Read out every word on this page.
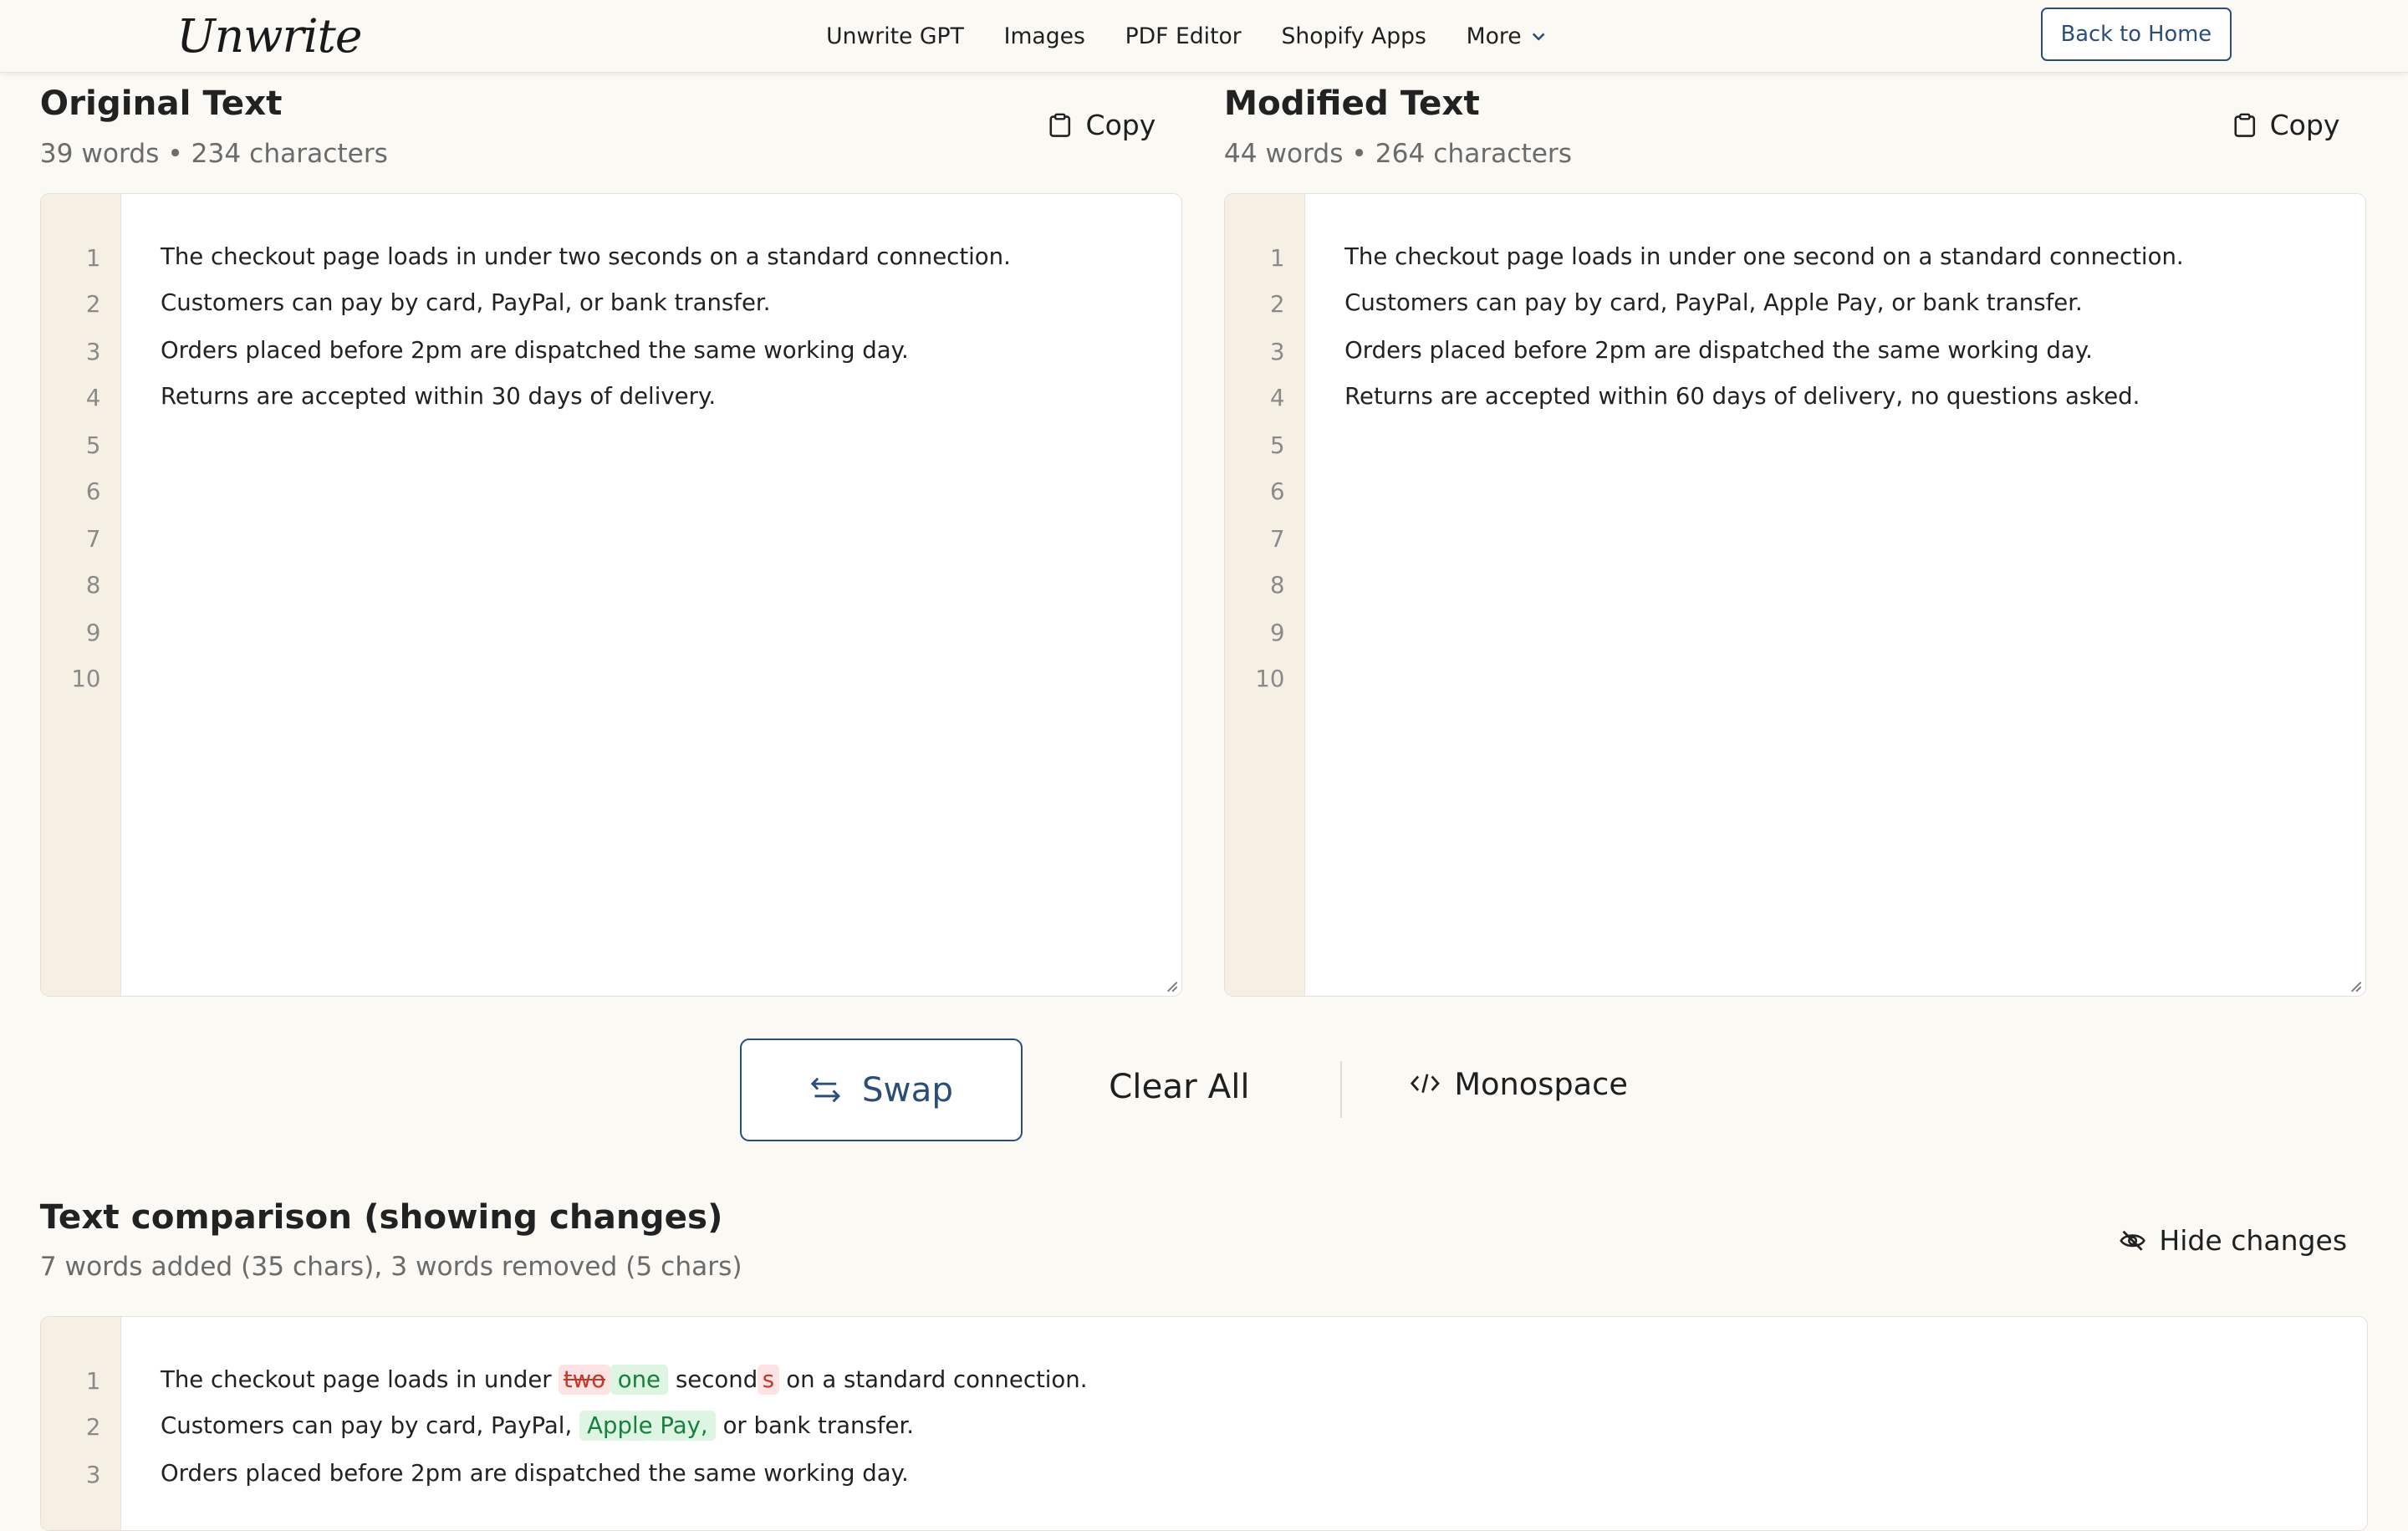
Unwrite	Unwrite GPT	Images	PDF Editor	Shopify Apps	More	Back to Home
Original Text
39 words • 234 characters
Copy
1
2
3
4
5
6
7
8
9
10
The checkout page loads in under two seconds on a standard connection.
Customers can pay by card, PayPal, or bank transfer.
Orders placed before 2pm are dispatched the same working day.
Returns are accepted within 30 days of delivery.
Modified Text
44 words • 264 characters
Copy
1
2
3
4
5
6
7
8
9
10
The checkout page loads in under one second on a standard connection.
Customers can pay by card, PayPal, Apple Pay, or bank transfer.
Orders placed before 2pm are dispatched the same working day.
Returns are accepted within 60 days of delivery, no questions asked.
Swap	Clear All	Monospace
Text comparison (showing changes)
7 words added (35 chars), 3 words removed (5 chars)
Hide changes
1
2
3
The checkout page loads in under two one second s on a standard connection.
Customers can pay by card, PayPal, Apple Pay, or bank transfer.
Orders placed before 2pm are dispatched the same working day.
